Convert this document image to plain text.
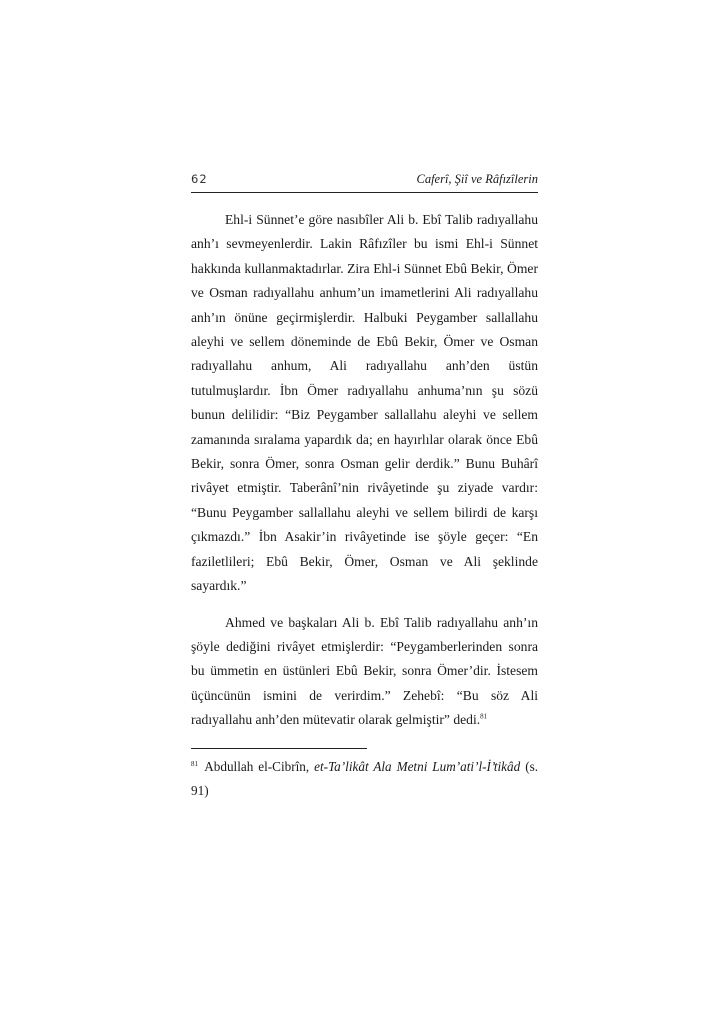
62	Caferî, Şiî ve Râfızîlerin

Ehl-i Sünnet’e göre nasıbîler Ali b. Ebî Talib radıyallahu anh’ı sevmeyenlerdir. Lakin Râfızîler bu ismi Ehl-i Sünnet hakkında kullanmaktadırlar. Zira Ehl-i Sünnet Ebû Bekir, Ömer ve Osman radıyallahu anhum’un imametlerini Ali radıyallahu anh’ın önüne geçirmişlerdir. Halbuki Peygamber sallallahu aleyhi ve sellem döneminde de Ebû Bekir, Ömer ve Osman radıyallahu anhum, Ali radıyallahu anh’den üstün tutulmuşlardır. İbn Ömer radıyallahu anhuma’nın şu sözü bunun delilidir: “Biz Peygamber sallallahu aleyhi ve sellem zamanında sıralama yapardık da; en hayırlılar olarak önce Ebû Bekir, sonra Ömer, sonra Osman gelir derdik.” Bunu Buhârî rivâyet etmiştir. Taberânî’nin rivâyetinde şu ziyade vardır: “Bunu Peygamber sallallahu aleyhi ve sellem bilirdi de karşı çıkmazdı.” İbn Asakir’in rivâyetinde ise şöyle geçer: “En faziletlileri; Ebû Bekir, Ömer, Osman ve Ali şeklinde sayardık.”

Ahmed ve başkaları Ali b. Ebî Talib radıyallahu anh’ın şöyle dediğini rivâyet etmişlerdir: “Peygamberlerinden sonra bu ümmetin en üstünleri Ebû Bekir, sonra Ömer’dir. İstesem üçüncünün ismini de verirdim.” Zehebî: “Bu söz Ali radıyallahu anh’den mütevatir olarak gelmiştir” dedi.$^{81}$

$^{81}$ Abdullah el-Cibrîn, et-Ta’likât Ala Metni Lum’ati’l-İ’tikâd (s. 91)
